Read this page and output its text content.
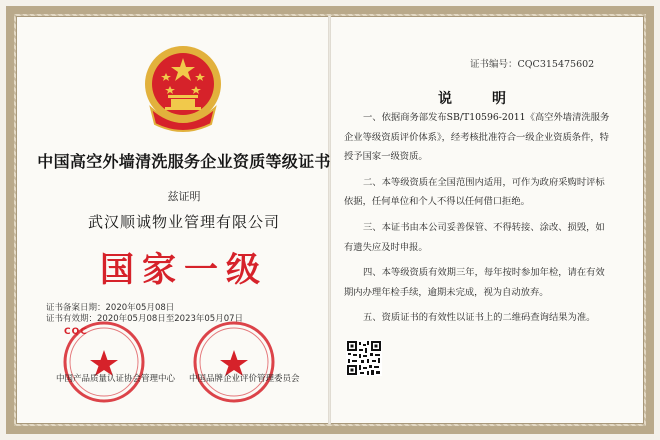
中国高空外墙清洗服务企业资质等级证书
兹证明
武汉顺诚物业管理有限公司
国家一级
证书备案日期：2020年05月08日
证书有效期：2020年05月08日至2023年05月07日
CQC
中国产品质量认证协会管理中心 中国品牌企业评价管理委员会
证书编号：CQC315475602
说明

一、依据商务部发布SB/T10596-2011《高空外墙清洗服务企业等级资质评价体系》，经考核批准符合一级企业资质条件，特授予国家一级资质。

二、本等级资质在全国范围内适用，可作为政府采购时评标依据，任何单位和个人不得以任何借口拒绝。

三、本证书由本公司妥善保管、不得转接、涂改、损毁，如有遗失应及时申报。

四、本等级资质有效期三年，每年按时参加年检，请在有效期内办理年检手续，逾期未完成，视为自动放弃。

五、资质证书的有效性以证书上的二维码查询结果为准。
